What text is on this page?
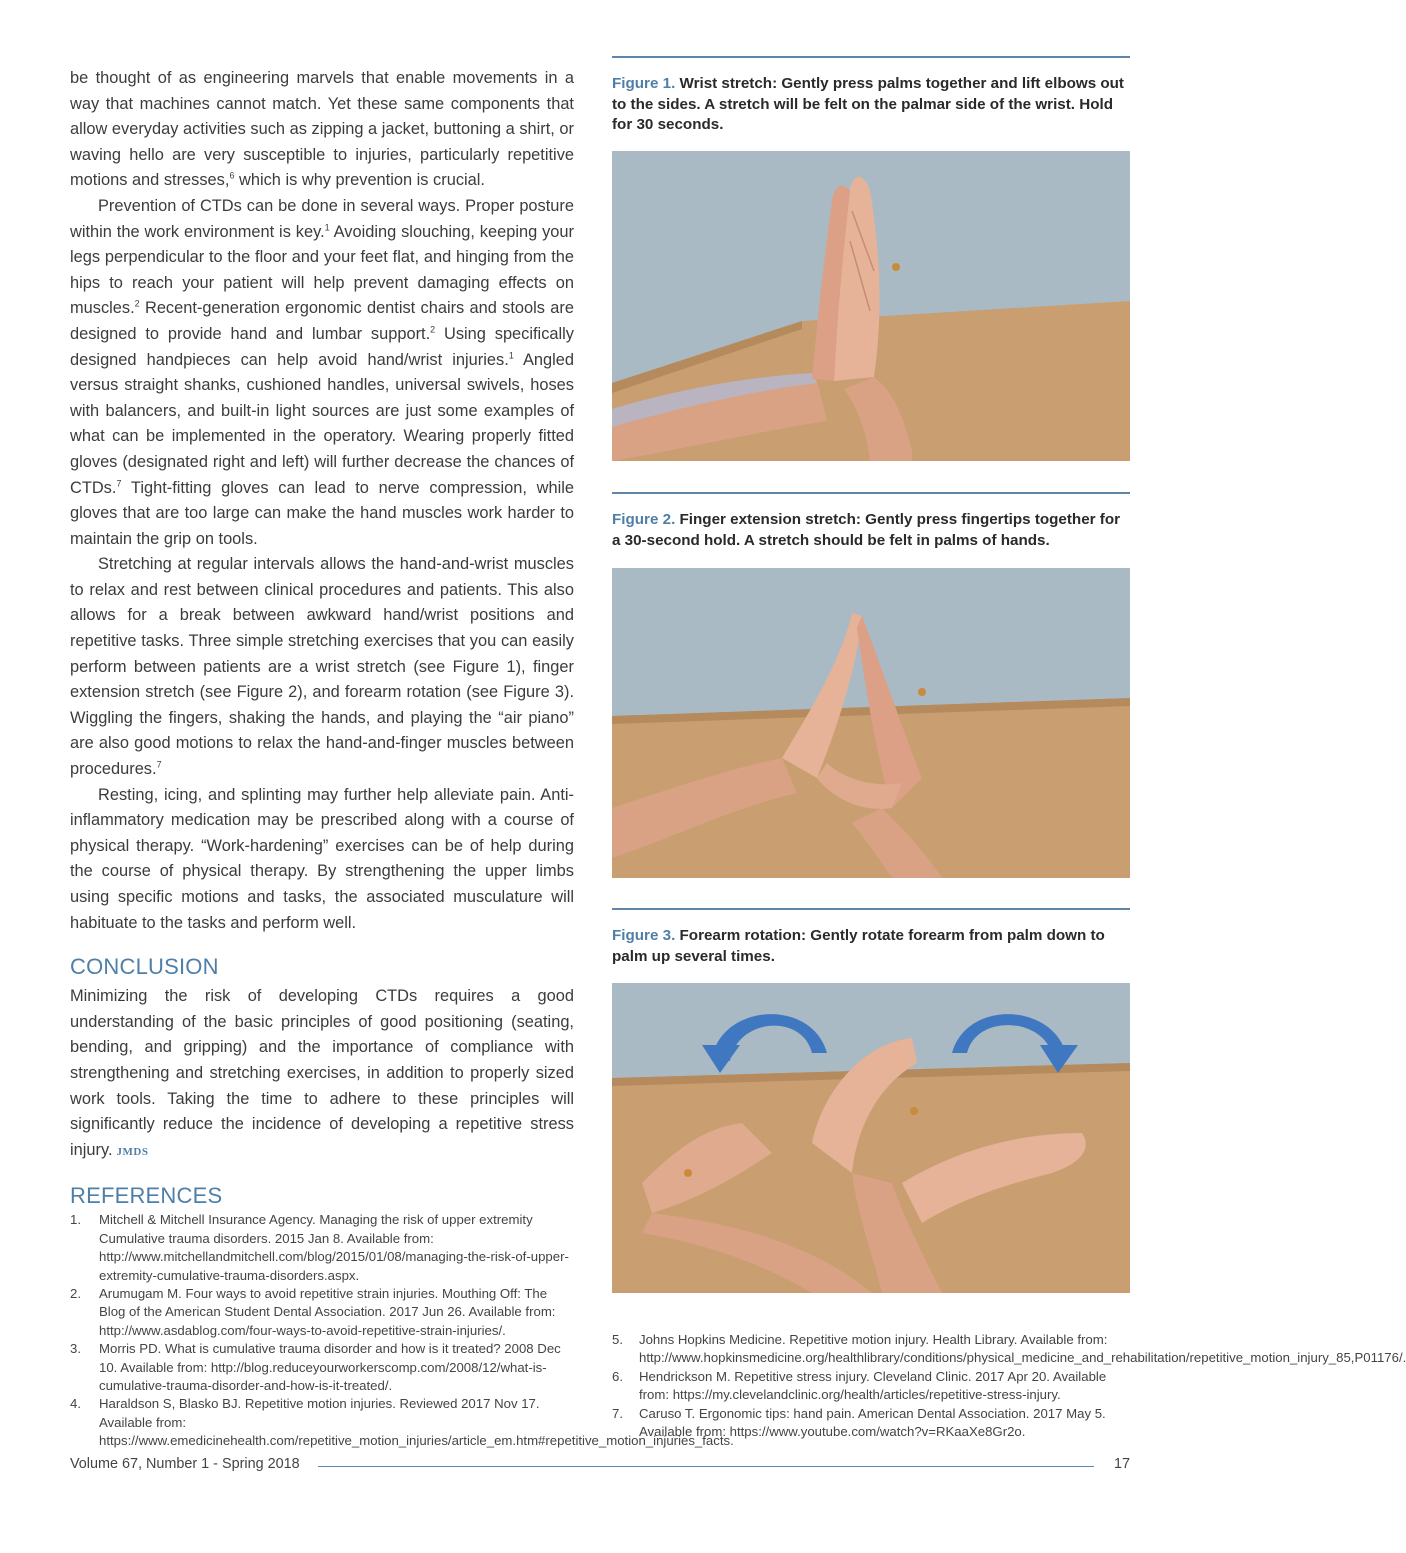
be thought of as engineering marvels that enable movements in a way that machines cannot match. Yet these same components that allow everyday activities such as zipping a jacket, buttoning a shirt, or waving hello are very susceptible to injuries, particularly repetitive motions and stresses,$^6$ which is why prevention is crucial.

Prevention of CTDs can be done in several ways. Proper posture within the work environment is key.$^1$ Avoiding slouching, keeping your legs perpendicular to the floor and your feet flat, and hinging from the hips to reach your patient will help prevent damaging effects on muscles.$^2$ Recent-generation ergonomic dentist chairs and stools are designed to provide hand and lumbar support.$^2$ Using specifically designed handpieces can help avoid hand/wrist injuries.$^1$ Angled versus straight shanks, cushioned handles, universal swivels, hoses with balancers, and built-in light sources are just some examples of what can be implemented in the operatory. Wearing properly fitted gloves (designated right and left) will further decrease the chances of CTDs.$^7$ Tight-fitting gloves can lead to nerve compression, while gloves that are too large can make the hand muscles work harder to maintain the grip on tools.

Stretching at regular intervals allows the hand-and-wrist muscles to relax and rest between clinical procedures and patients. This also allows for a break between awkward hand/wrist positions and repetitive tasks. Three simple stretching exercises that you can easily perform between patients are a wrist stretch (see Figure 1), finger extension stretch (see Figure 2), and forearm rotation (see Figure 3). Wiggling the fingers, shaking the hands, and playing the “air piano” are also good motions to relax the hand-and-finger muscles between procedures.$^7$

Resting, icing, and splinting may further help alleviate pain. Anti-inflammatory medication may be prescribed along with a course of physical therapy. “Work-hardening” exercises can be of help during the course of physical therapy. By strengthening the upper limbs using specific motions and tasks, the associated musculature will habituate to the tasks and perform well.

CONCLUSION

Minimizing the risk of developing CTDs requires a good understanding of the basic principles of good positioning (seating, bending, and gripping) and the importance of compliance with strengthening and stretching exercises, in addition to properly sized work tools. Taking the time to adhere to these principles will significantly reduce the incidence of developing a repetitive stress injury. JMDS

REFERENCES
1. Mitchell & Mitchell Insurance Agency. Managing the risk of upper extremity Cumulative trauma disorders. 2015 Jan 8. Available from: http://www.mitchellandmitchell.com/blog/2015/01/08/managing-the-risk-of-upper-extremity-cumulative-trauma-disorders.aspx.
2. Arumugam M. Four ways to avoid repetitive strain injuries. Mouthing Off: The Blog of the American Student Dental Association. 2017 Jun 26. Available from: http://www.asdablog.com/four-ways-to-avoid-repetitive-strain-injuries/.
3. Morris PD. What is cumulative trauma disorder and how is it treated? 2008 Dec 10. Available from: http://blog.reduceyourworkerscomp.com/2008/12/what-is-cumulative-trauma-disorder-and-how-is-it-treated/.
4. Haraldson S, Blasko BJ. Repetitive motion injuries. Reviewed 2017 Nov 17. Available from: https://www.emedicinehealth.com/repetitive_motion_injuries/article_em.htm#repetitive_motion_injuries_facts.

Figure 1. Wrist stretch: Gently press palms together and lift elbows out to the sides. A stretch will be felt on the palmar side of the wrist. Hold for 30 seconds.

Figure 2. Finger extension stretch: Gently press fingertips together for a 30-second hold. A stretch should be felt in palms of hands.

Figure 3. Forearm rotation: Gently rotate forearm from palm down to palm up several times.

5. Johns Hopkins Medicine. Repetitive motion injury. Health Library. Available from: http://www.hopkinsmedicine.org/healthlibrary/conditions/physical_medicine_and_rehabilitation/repetitive_motion_injury_85,P01176/.
6. Hendrickson M. Repetitive stress injury. Cleveland Clinic. 2017 Apr 20. Available from: https://my.clevelandclinic.org/health/articles/repetitive-stress-injury.
7. Caruso T. Ergonomic tips: hand pain. American Dental Association. 2017 May 5. Available from: https://www.youtube.com/watch?v=RKaaXe8Gr2o.
Volume 67, Number 1 - Spring 2018	17
